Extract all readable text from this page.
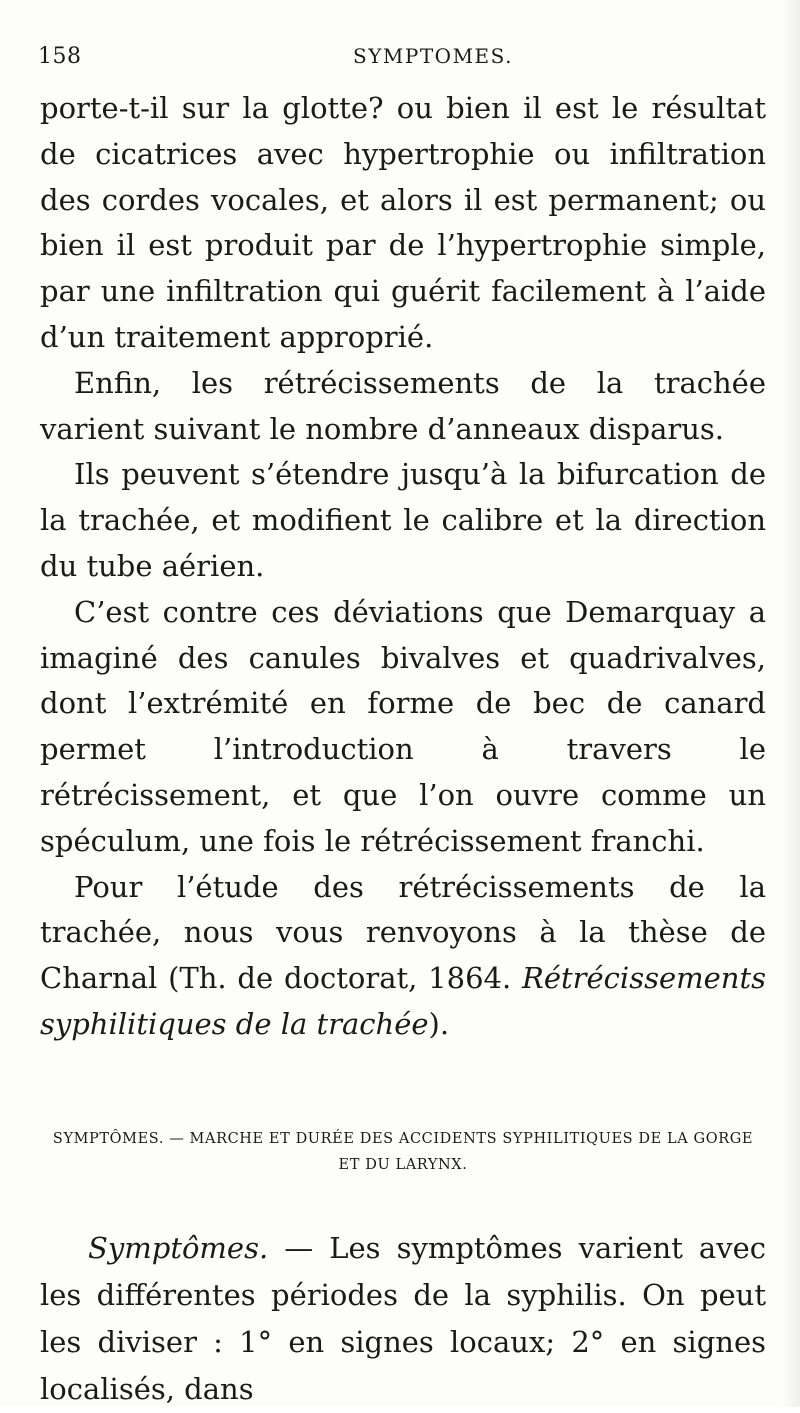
158	SYMPTOMES.

porte-t-il sur la glotte? ou bien il est le résultat de cicatrices avec hypertrophie ou infiltration des cordes vocales, et alors il est permanent; ou bien il est produit par de l’hypertrophie simple, par une infiltration qui guérit facilement à l’aide d’un traitement approprié.

Enfin, les rétrécissements de la trachée varient suivant le nombre d’anneaux disparus.

Ils peuvent s’étendre jusqu’à la bifurcation de la trachée, et modifient le calibre et la direction du tube aérien.

C’est contre ces déviations que Demarquay a imaginé des canules bivalves et quadrivalves, dont l’extrémité en forme de bec de canard permet l’introduction à travers le rétrécissement, et que l’on ouvre comme un spéculum, une fois le rétrécissement franchi.

Pour l’étude des rétrécissements de la trachée, nous vous renvoyons à la thèse de Charnal (Th. de doctorat, 1864. Rétrécissements syphilitiques de la trachée).

SYMPTÔMES. — MARCHE ET DURÉE DES ACCIDENTS SYPHILITIQUES DE LA GORGE ET DU LARYNX.

Symptômes. — Les symptômes varient avec les différentes périodes de la syphilis. On peut les diviser : 1° en signes locaux; 2° en signes localisés, dans
